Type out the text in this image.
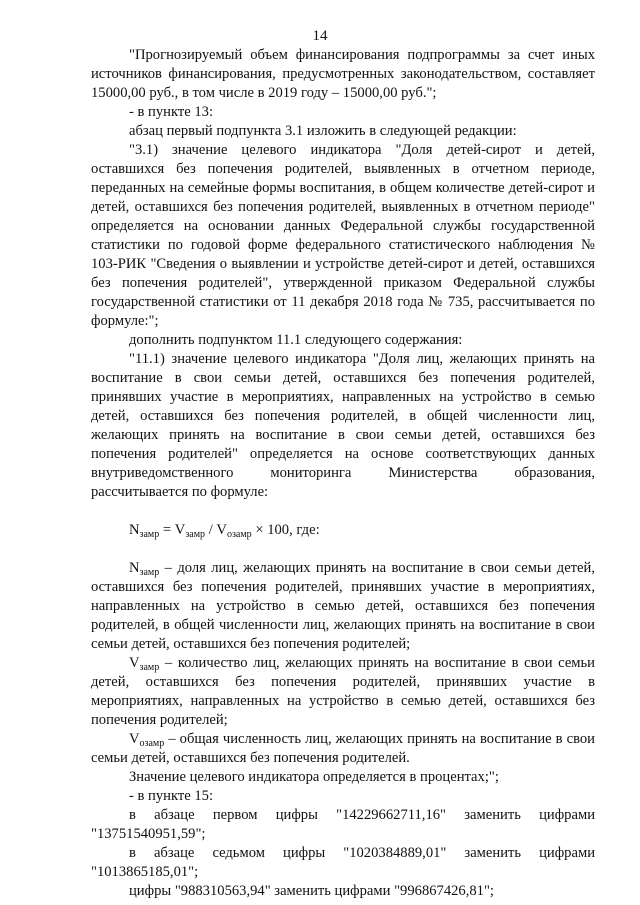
14

"Прогнозируемый объем финансирования подпрограммы за счет иных источников финансирования, предусмотренных законодательством, составляет 15000,00 руб., в том числе в 2019 году – 15000,00 руб.";

- в пункте 13:

абзац первый подпункта 3.1 изложить в следующей редакции:

"3.1) значение целевого индикатора "Доля детей-сирот и детей, оставшихся без попечения родителей, выявленных в отчетном периоде, переданных на семейные формы воспитания, в общем количестве детей-сирот и детей, оставшихся без попечения родителей, выявленных в отчетном периоде" определяется на основании данных Федеральной службы государственной статистики по годовой форме федерального статистического наблюдения № 103-РИК "Сведения о выявлении и устройстве детей-сирот и детей, оставшихся без попечения родителей", утвержденной приказом Федеральной службы государственной статистики от 11 декабря 2018 года № 735, рассчитывается по формуле:";

дополнить подпунктом 11.1 следующего содержания:

"11.1) значение целевого индикатора "Доля лиц, желающих принять на воспитание в свои семьи детей, оставшихся без попечения родителей, принявших участие в мероприятиях, направленных на устройство в семью детей, оставшихся без попечения родителей, в общей численности лиц, желающих принять на воспитание в свои семьи детей, оставшихся без попечения родителей" определяется на основе соответствующих данных внутриведомственного мониторинга Министерства образования, рассчитывается по формуле:

$N_{замр} = V_{замр} / V_{озамр} \times 100$, где:

$N_{замр}$ – доля лиц, желающих принять на воспитание в свои семьи детей, оставшихся без попечения родителей, принявших участие в мероприятиях, направленных на устройство в семью детей, оставшихся без попечения родителей, в общей численности лиц, желающих принять на воспитание в свои семьи детей, оставшихся без попечения родителей;

$V_{замр}$ – количество лиц, желающих принять на воспитание в свои семьи детей, оставшихся без попечения родителей, принявших участие в мероприятиях, направленных на устройство в семью детей, оставшихся без попечения родителей;

$V_{озамр}$ – общая численность лиц, желающих принять на воспитание в свои семьи детей, оставшихся без попечения родителей.

Значение целевого индикатора определяется в процентах;";

- в пункте 15:

в абзаце первом цифры "14229662711,16" заменить цифрами "13751540951,59";

в абзаце седьмом цифры "1020384889,01" заменить цифрами "1013865185,01";

цифры "988310563,94" заменить цифрами "996867426,81";
